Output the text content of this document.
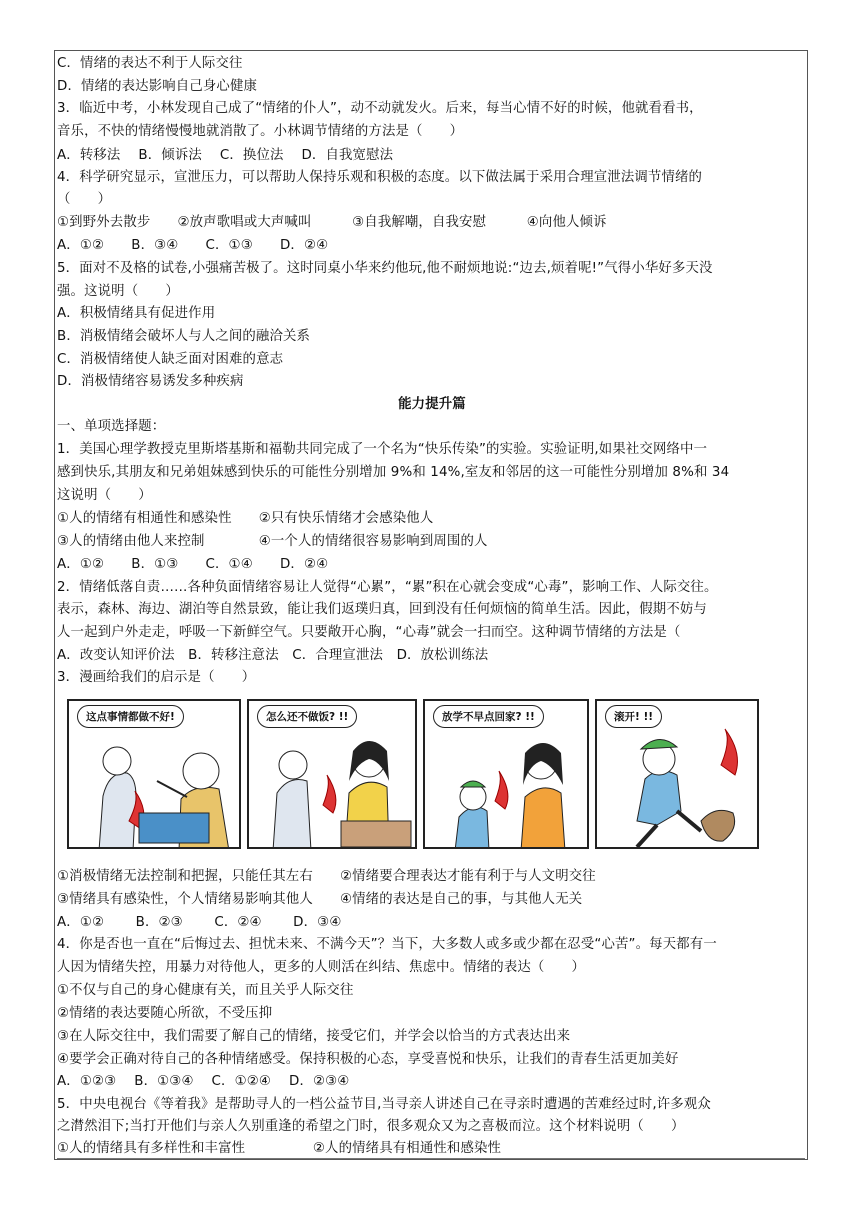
C．情绪的表达不利于人际交往
D．情绪的表达影响自己身心健康
3．临近中考，小林发现自己成了“情绪的仆人”，动不动就发火。后来，每当心情不好的时候，他就看看书，
音乐，不快的情绪慢慢地就消散了。小林调节情绪的方法是（　　）
A．转移法　 B．倾诉法　 C．换位法　 D．自我宽慰法
4．科学研究显示，宣泄压力，可以帮助人保持乐观和积极的态度。以下做法属于采用合理宣泄法调节情绪的
（　　）
①到野外去散步　　②放声歌唱或大声喊叫　　　③自我解嘲，自我安慰　　　④向他人倾诉
A．①②　　B．③④　　C．①③　　D．②④
5．面对不及格的试卷,小强痛苦极了。这时同桌小华来约他玩,他不耐烦地说:“边去,烦着呢!”气得小华好多天没
强。这说明（　　）
A．积极情绪具有促进作用
B．消极情绪会破坏人与人之间的融洽关系
C．消极情绪使人缺乏面对困难的意志
D．消极情绪容易诱发多种疾病
能力提升篇
一、单项选择题：
1．美国心理学教授克里斯塔基斯和福勒共同完成了一个名为“快乐传染”的实验。实验证明,如果社交网络中一
感到快乐,其朋友和兄弟姐妹感到快乐的可能性分别增加 9%和 14%,室友和邻居的这一可能性分别增加 8%和 34
这说明（　　）
①人的情绪有相通性和感染性　　②只有快乐情绪才会感染他人
③人的情绪由他人来控制　　　　④一个人的情绪很容易影响到周围的人
A．①②　　B．①③　　C．①④　　D．②④
2．情绪低落自责……各种负面情绪容易让人觉得“心累”，“累”积在心就会变成“心毒”，影响工作、人际交往。
表示，森林、海边、湖泊等自然景致，能让我们返璞归真，回到没有任何烦恼的简单生活。因此，假期不妨与
人一起到户外走走，呼吸一下新鲜空气。只要敞开心胸，“心毒”就会一扫而空。这种调节情绪的方法是（
A．改变认知评价法　B．转移注意法　C．合理宣泄法　D．放松训练法
3．漫画给我们的启示是（　　）
这点事情都做不好!	怎么还不做饭? !!	放学不早点回家? !!	滚开! !!
①消极情绪无法控制和把握，只能任其左右　　②情绪要合理表达才能有利于与人文明交往
③情绪具有感染性，个人情绪易影响其他人　　④情绪的表达是自己的事，与其他人无关
A．①②　　 B．②③　　 C．②④　　 D．③④
4．你是否也一直在“后悔过去、担忧未来、不满今天”？当下，大多数人或多或少都在忍受“心苦”。每天都有一
人因为情绪失控，用暴力对待他人，更多的人则活在纠结、焦虑中。情绪的表达（　　）
①不仅与自己的身心健康有关，而且关乎人际交往
②情绪的表达要随心所欲，不受压抑
③在人际交往中，我们需要了解自己的情绪，接受它们，并学会以恰当的方式表达出来
④要学会正确对待自己的各种情绪感受。保持积极的心态，享受喜悦和快乐，让我们的青春生活更加美好
A．①②③　 B．①③④　 C．①②④　 D．②③④
5．中央电视台《等着我》是帮助寻人的一档公益节目,当寻亲人讲述自己在寻亲时遭遇的苦难经过时,许多观众
之潸然泪下;当打开他们与亲人久别重逢的希望之门时，很多观众又为之喜极而泣。这个材料说明（　　）
①人的情绪具有多样性和丰富性　　　　　②人的情绪具有相通性和感染性
